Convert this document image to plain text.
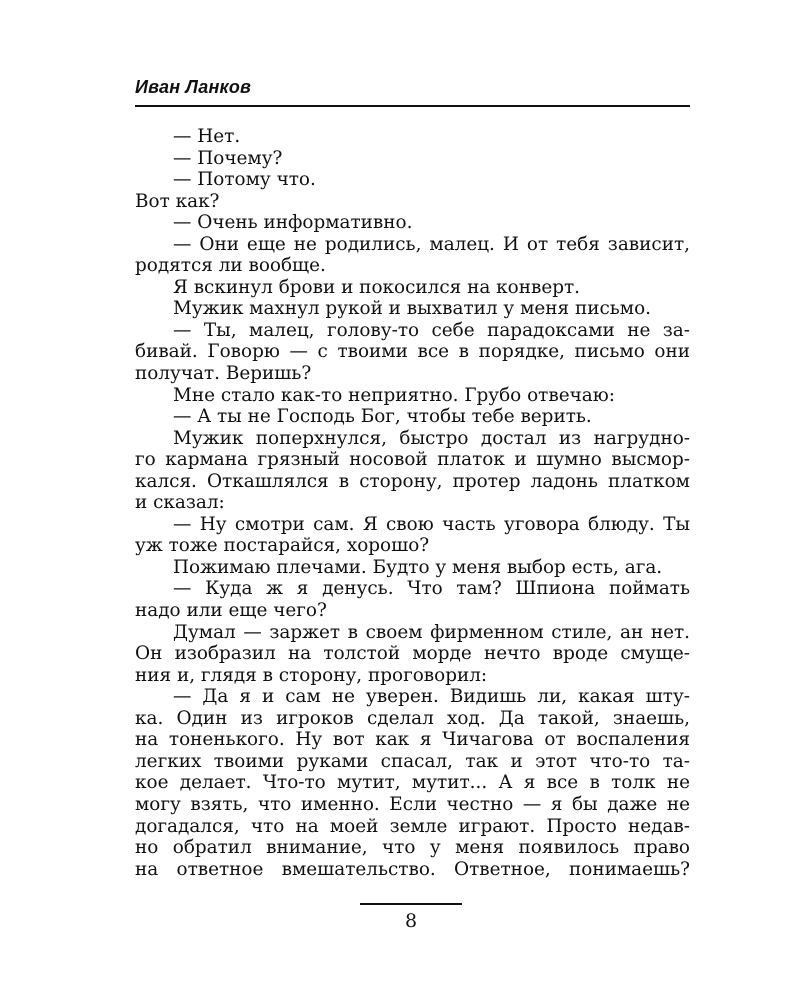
Иван Ланков
— Нет.
— Почему?
— Потому что.
Вот как?
— Очень информативно.
— Они еще не родились, малец. И от тебя зависит,
родятся ли вообще.
Я вскинул брови и покосился на конверт.
Мужик махнул рукой и выхватил у меня письмо.
— Ты, малец, голову-то себе парадоксами не за-
бивай. Говорю — с твоими все в порядке, письмо они
получат. Веришь?
Мне стало как-то неприятно. Грубо отвечаю:
— А ты не Господь Бог, чтобы тебе верить.
Мужик поперхнулся, быстро достал из нагрудно-
го кармана грязный носовой платок и шумно высмор-
кался. Откашлялся в сторону, протер ладонь платком
и сказал:
— Ну смотри сам. Я свою часть уговора блюду. Ты
уж тоже постарайся, хорошо?
Пожимаю плечами. Будто у меня выбор есть, ага.
— Куда ж я денусь. Что там? Шпиона поймать
надо или еще чего?
Думал — заржет в своем фирменном стиле, ан нет.
Он изобразил на толстой морде нечто вроде смуще-
ния и, глядя в сторону, проговорил:
— Да я и сам не уверен. Видишь ли, какая шту-
ка. Один из игроков сделал ход. Да такой, знаешь,
на тоненького. Ну вот как я Чичагова от воспаления
легких твоими руками спасал, так и этот что-то та-
кое делает. Что-то мутит, мутит... А я все в толк не
могу взять, что именно. Если честно — я бы даже не
догадался, что на моей земле играют. Просто недав-
но обратил внимание, что у меня появилось право
на ответное вмешательство. Ответное, понимаешь?
8
